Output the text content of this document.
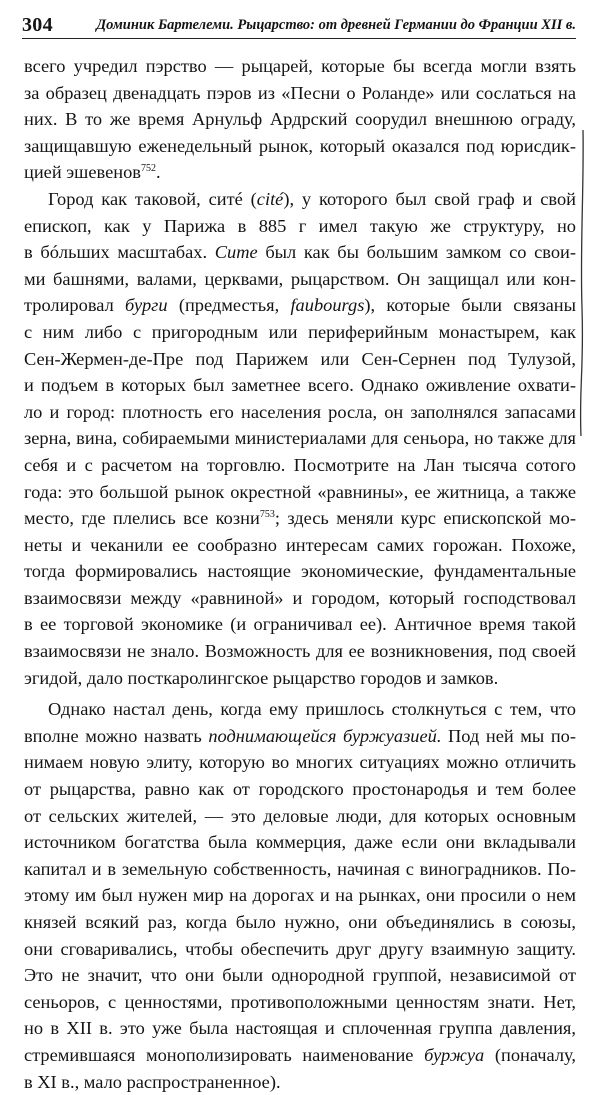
304	Доминик Бартелеми. Рыцарство: от древней Германии до Франции XII в.
всего учредил пэрство — рыцарей, которые бы всегда могли взять
за образец двенадцать пэров из «Песни о Роланде» или сослаться на
них. В то же время Арнульф Ардрский соорудил внешнюю ограду,
защищавшую еженедельный рынок, который оказался под юрисдик-
цией эшевенов$^{752}$.
Город как таковой, ситé (cité), у которого был свой граф и свой
епископ, как у Парижа в 885 г имел такую же структуру, но
в бóльших масштабах. Сите был как бы большим замком со свои-
ми башнями, валами, церквами, рыцарством. Он защищал или кон-
тролировал бурги (предместья, faubourgs), которые были связаны
с ним либо с пригородным или периферийным монастырем, как
Сен-Жермен-де-Пре под Парижем или Сен-Сернен под Тулузой,
и подъем в которых был заметнее всего. Однако оживление охвати-
ло и город: плотность его населения росла, он заполнялся запасами
зерна, вина, собираемыми министериалами для сеньора, но также для
себя и с расчетом на торговлю. Посмотрите на Лан тысяча сотого
года: это большой рынок окрестной «равнины», ее житница, а также
место, где плелись все козни$^{753}$; здесь меняли курс епископской мо-
неты и чеканили ее сообразно интересам самих горожан. Похоже,
тогда формировались настоящие экономические, фундаментальные
взаимосвязи между «равниной» и городом, который господствовал
в ее торговой экономике (и ограничивал ее). Античное время такой
взаимосвязи не знало. Возможность для ее возникновения, под своей
эгидой, дало посткаролингское рыцарство городов и замков.
Однако настал день, когда ему пришлось столкнуться с тем, что
вполне можно назвать поднимающейся буржуазией. Под ней мы по-
нимаем новую элиту, которую во многих ситуациях можно отличить
от рыцарства, равно как от городского простонародья и тем более
от сельских жителей, — это деловые люди, для которых основным
источником богатства была коммерция, даже если они вкладывали
капитал и в земельную собственность, начиная с виноградников. По-
этому им был нужен мир на дорогах и на рынках, они просили о нем
князей всякий раз, когда было нужно, они объединялись в союзы,
они сговаривались, чтобы обеспечить друг другу взаимную защиту.
Это не значит, что они были однородной группой, независимой от
сеньоров, с ценностями, противоположными ценностям знати. Нет,
но в XII в. это уже была настоящая и сплоченная группа давления,
стремившаяся монополизировать наименование буржуа (поначалу,
в XI в., мало распространенное).
